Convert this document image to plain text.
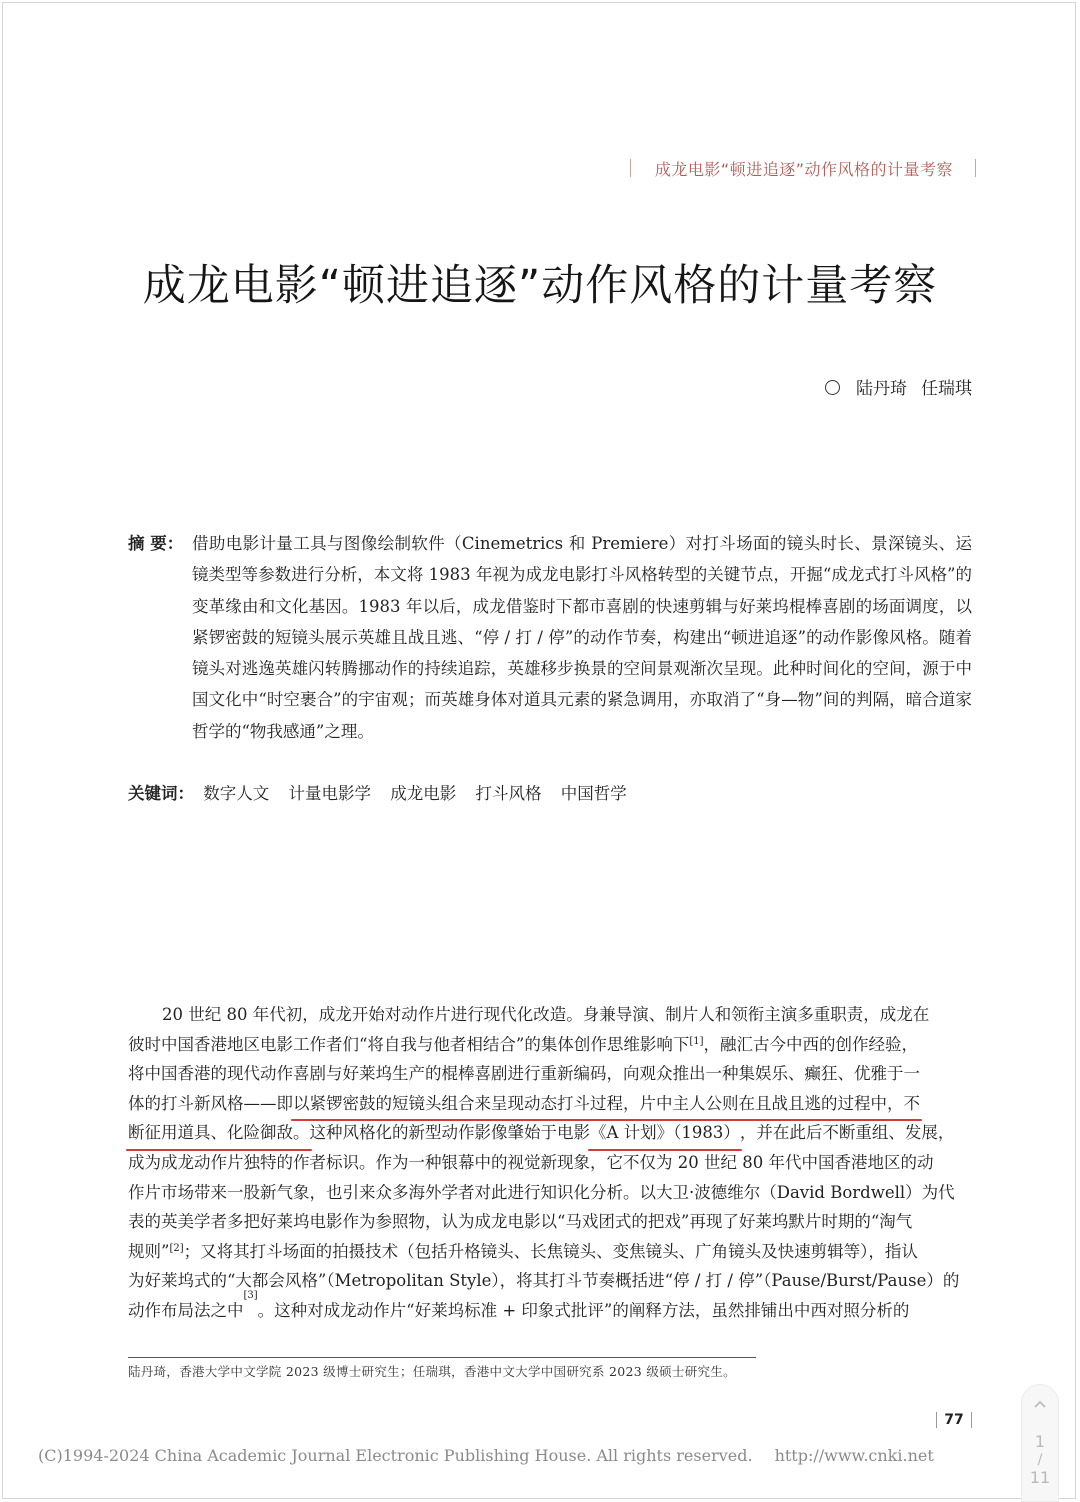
成龙电影“顿进追逐”动作风格的计量考察
成龙电影“顿进追逐”动作风格的计量考察
陆丹琦 任瑞琪
摘 要： 借助电影计量工具与图像绘制软件（Cinemetrics 和 Premiere）对打斗场面的镜头时长、景深镜头、运镜类型等参数进行分析，本文将 1983 年视为成龙电影打斗风格转型的关键节点，开掘“成龙式打斗风格”的变革缘由和文化基因。1983 年以后，成龙借鉴时下都市喜剧的快速剪辑与好莱坞棍棒喜剧的场面调度，以紧锣密鼓的短镜头展示英雄且战且逃、“停 / 打 / 停”的动作节奏，构建出“顿进追逐”的动作影像风格。随着镜头对逃逸英雄闪转腾挪动作的持续追踪，英雄移步换景的空间景观渐次呈现。此种时间化的空间，源于中国文化中“时空裹合”的宇宙观；而英雄身体对道具元素的紧急调用，亦取消了“身—物”间的判隔，暗合道家哲学的“物我感通”之理。
关键词： 数字人文 计量电影学 成龙电影 打斗风格 中国哲学
20 世纪 80 年代初，成龙开始对动作片进行现代化改造。身兼导演、制片人和领衔主演多重职责，成龙在
彼时中国香港地区电影工作者们“将自我与他者相结合”的集体创作思维影响下[1]，融汇古今中西的创作经验，
将中国香港的现代动作喜剧与好莱坞生产的棍棒喜剧进行重新编码，向观众推出一种集娱乐、癫狂、优雅于一
体的打斗新风格——即以紧锣密鼓的短镜头组合来呈现动态打斗过程，片中主人公则在且战且逃的过程中，不
断征用道具、化险御敌。这种风格化的新型动作影像肇始于电影《A 计划》（1983），并在此后不断重组、发展，
成为成龙动作片独特的作者标识。作为一种银幕中的视觉新现象，它不仅为 20 世纪 80 年代中国香港地区的动
作片市场带来一股新气象，也引来众多海外学者对此进行知识化分析。以大卫·波德维尔（David Bordwell）为代
表的英美学者多把好莱坞电影作为参照物，认为成龙电影以“马戏团式的把戏”再现了好莱坞默片时期的“淘气
规则”[2]；又将其打斗场面的拍摄技术（包括升格镜头、长焦镜头、变焦镜头、广角镜头及快速剪辑等），指认
为好莱坞式的“大都会风格”（Metropolitan Style），将其打斗节奏概括进“停 / 打 / 停”（Pause/Burst/Pause）的
动作布局法之中
[3]
。这种对成龙动作片“好莱坞标准 + 印象式批评”的阐释方法，虽然排铺出中西对照分析的
陆丹琦，香港大学中文学院 2023 级博士研究生；任瑞琪，香港中文大学中国研究系 2023 级硕士研究生。
77
(C)1994-2024 China Academic Journal Electronic Publishing House. All rights reserved. http://www.cnki.net
1
/
11
